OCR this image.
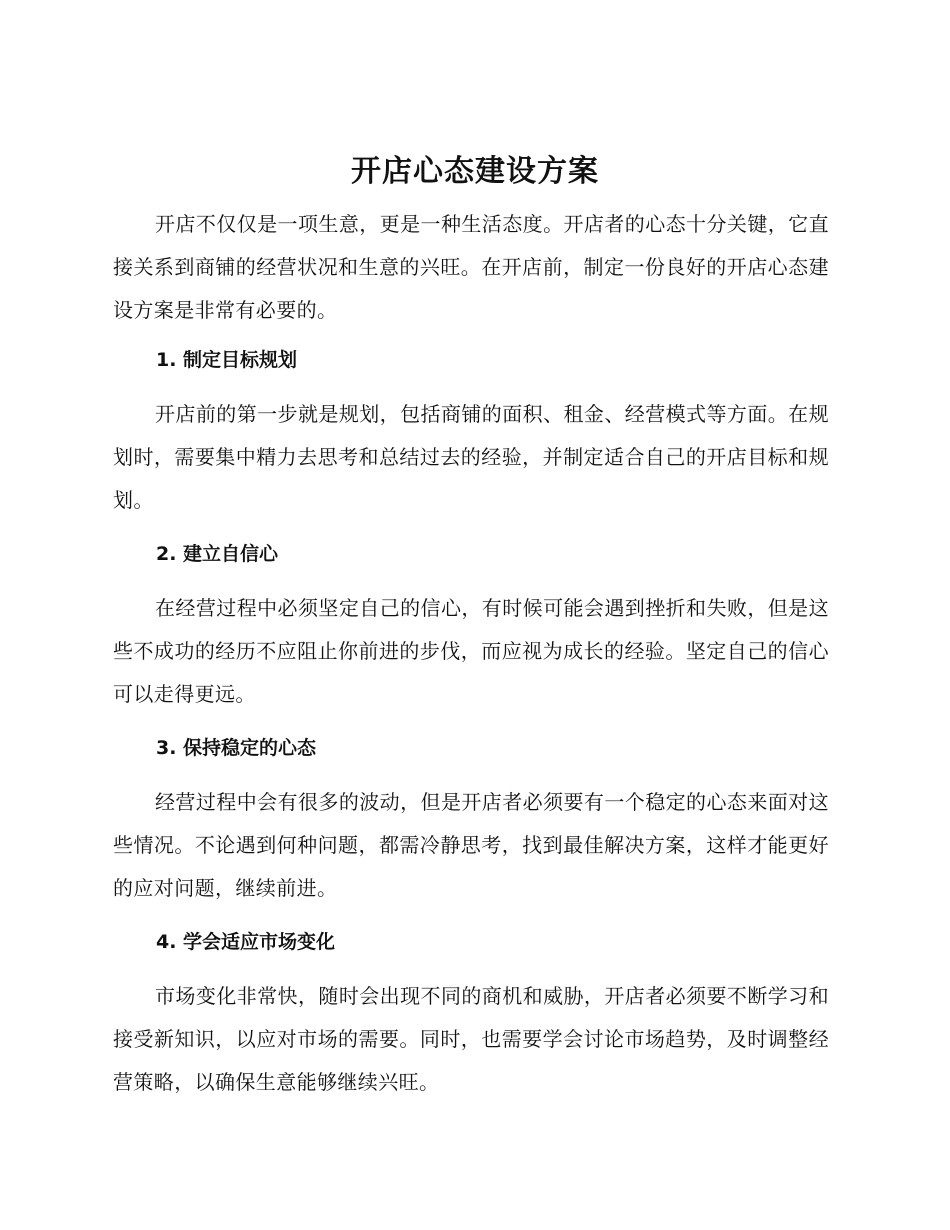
开店心态建设方案

开店不仅仅是一项生意，更是一种生活态度。开店者的心态十分关键，它直接关系到商铺的经营状况和生意的兴旺。在开店前，制定一份良好的开店心态建设方案是非常有必要的。

1. 制定目标规划

开店前的第一步就是规划，包括商铺的面积、租金、经营模式等方面。在规划时，需要集中精力去思考和总结过去的经验，并制定适合自己的开店目标和规划。

2. 建立自信心

在经营过程中必须坚定自己的信心，有时候可能会遇到挫折和失败，但是这些不成功的经历不应阻止你前进的步伐，而应视为成长的经验。坚定自己的信心可以走得更远。

3. 保持稳定的心态

经营过程中会有很多的波动，但是开店者必须要有一个稳定的心态来面对这些情况。不论遇到何种问题，都需冷静思考，找到最佳解决方案，这样才能更好的应对问题，继续前进。

4. 学会适应市场变化

市场变化非常快，随时会出现不同的商机和威胁，开店者必须要不断学习和接受新知识，以应对市场的需要。同时，也需要学会讨论市场趋势，及时调整经营策略，以确保生意能够继续兴旺。
